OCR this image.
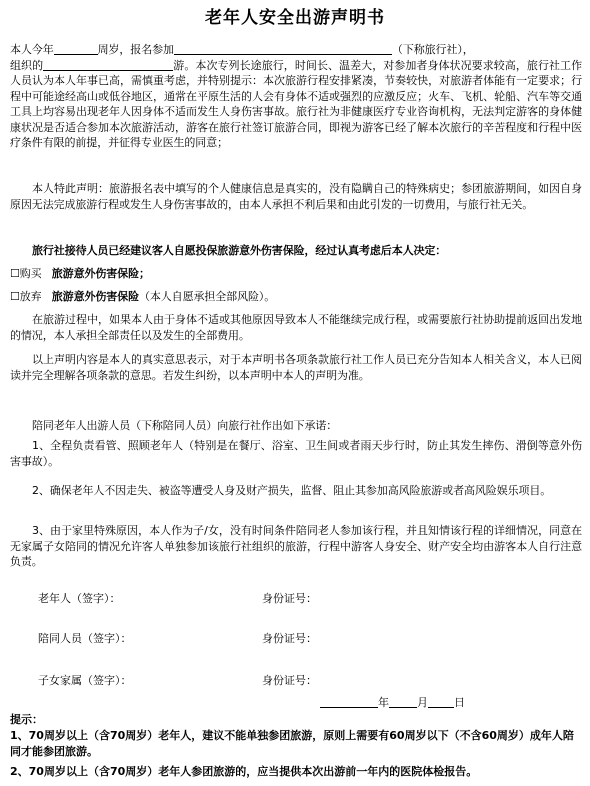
老年人安全出游声明书
本人今年	周岁，报名参加	（下称旅行社），
组织的	游。本次专列长途旅行，时间长、温差大，对参加者身体状况要求较高，旅行社工作人员认为本人年事已高，需慎重考虑，并特别提示：本次旅游行程安排紧凑，节奏较快，对旅游者体能有一定要求；行程中可能途经高山或低谷地区，通常在平原生活的人会有身体不适或强烈的应激反应；火车、飞机、轮船、汽车等交通工具上均容易出现老年人因身体不适而发生人身伤害事故。旅行社为非健康医疗专业咨询机构，无法判定游客的身体健康状况是否适合参加本次旅游活动，游客在旅行社签订旅游合同，即视为游客已经了解本次旅行的辛苦程度和行程中医疗条件有限的前提，并征得专业医生的同意；
本人特此声明：旅游报名表中填写的个人健康信息是真实的，没有隐瞒自己的特殊病史；参团旅游期间，如因自身原因无法完成旅游行程或发生人身伤害事故的，由本人承担不利后果和由此引发的一切费用，与旅行社无关。
旅行社接待人员已经建议客人自愿投保旅游意外伤害保险，经过认真考虑后本人决定：
☐购买 旅游意外伤害保险；
☐放弃 旅游意外伤害保险（本人自愿承担全部风险）。
在旅游过程中，如果本人由于身体不适或其他原因导致本人不能继续完成行程，或需要旅行社协助提前返回出发地的情况，本人承担全部责任以及发生的全部费用。
以上声明内容是本人的真实意思表示，对于本声明书各项条款旅行社工作人员已充分告知本人相关含义，本人已阅读并完全理解各项条款的意思。若发生纠纷，以本声明中本人的声明为准。
陪同老年人出游人员（下称陪同人员）向旅行社作出如下承诺：
1、全程负责看管、照顾老年人（特别是在餐厅、浴室、卫生间或者雨天步行时，防止其发生摔伤、滑倒等意外伤害事故）。
2、确保老年人不因走失、被盗等遭受人身及财产损失，监督、阻止其参加高风险旅游或者高风险娱乐项目。
3、由于家里特殊原因，本人作为子/女，没有时间条件陪同老人参加该行程，并且知情该行程的详细情况，同意在无家属子女陪同的情况允许客人单独参加该旅行社组织的旅游，行程中游客人身安全、财产安全均由游客本人自行注意负责。
老年人（签字）：	身份证号：
陪同人员（签字）：	身份证号：
子女家属（签字）：	身份证号：
年	月 日
提示：
1、70周岁以上（含70周岁）老年人，建议不能单独参团旅游，原则上需要有60周岁以下（不含60周岁）成年人陪同才能参团旅游。
2、70周岁以上（含70周岁）老年人参团旅游的，应当提供本次出游前一年内的医院体检报告。
